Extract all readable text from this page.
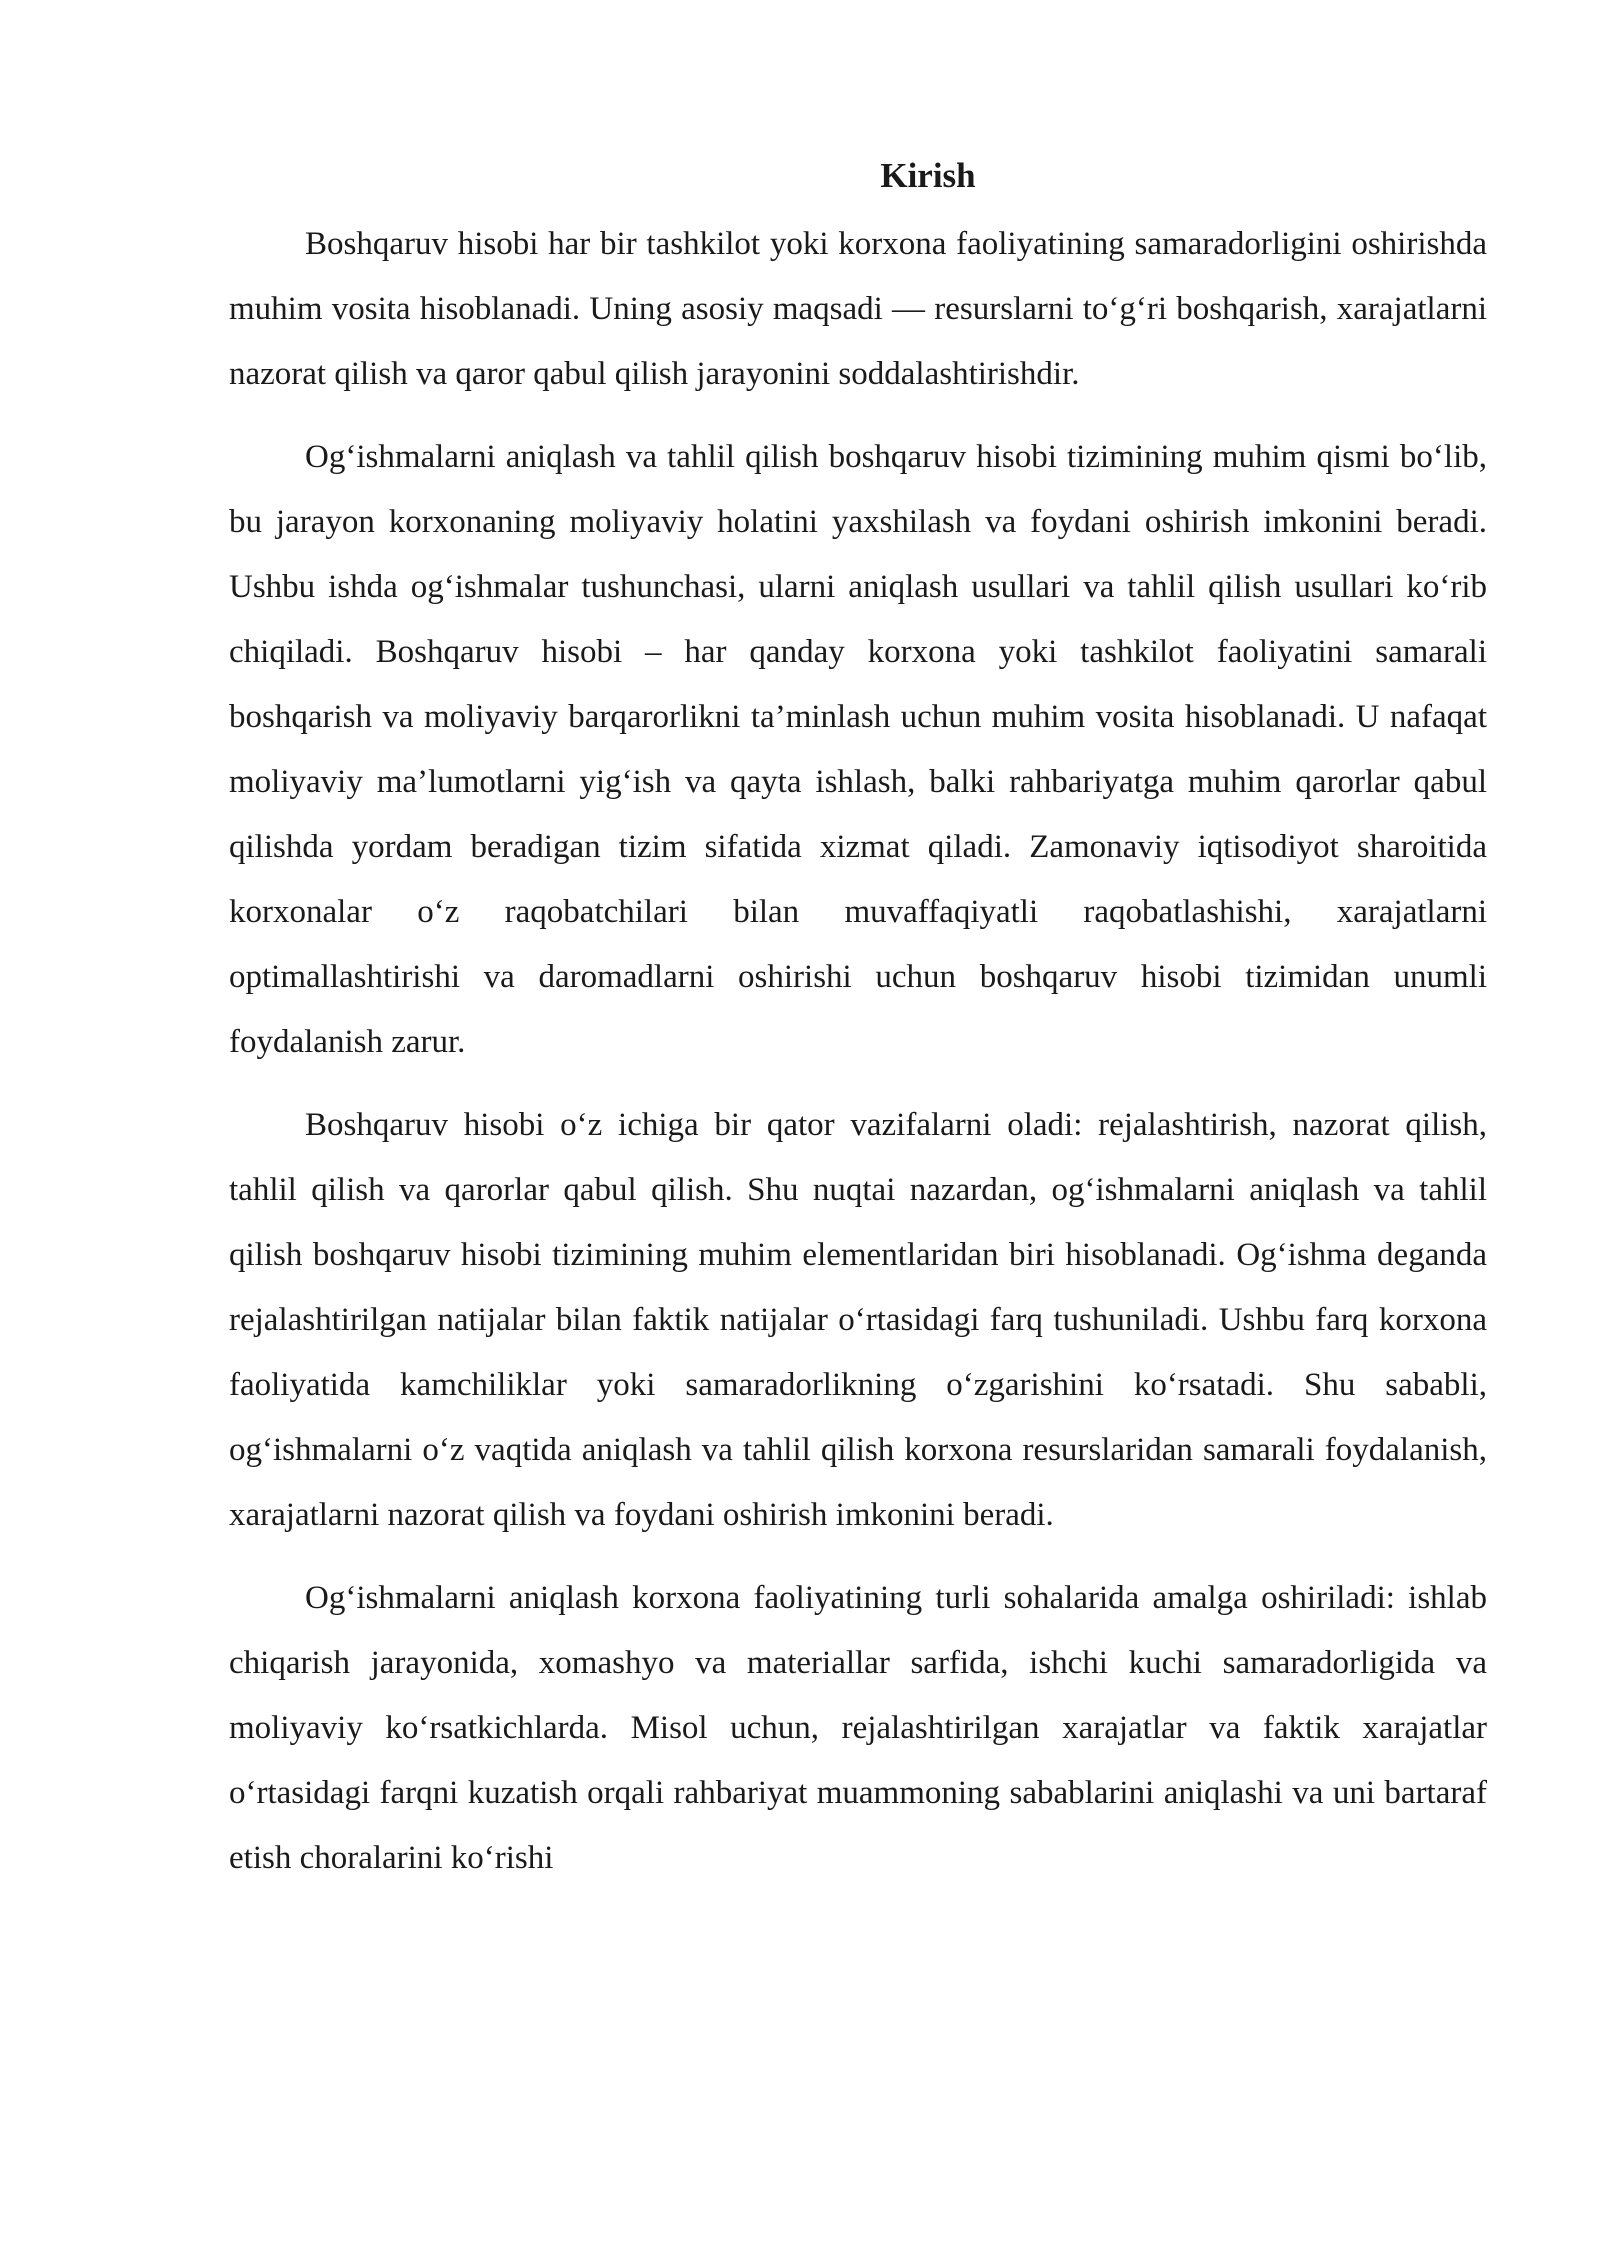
Kirish

Boshqaruv hisobi har bir tashkilot yoki korxona faoliyatining samaradorligini oshirishda muhim vosita hisoblanadi. Uning asosiy maqsadi — resurslarni to‘g‘ri boshqarish, xarajatlarni nazorat qilish va qaror qabul qilish jarayonini soddalashtirishdir.

Og‘ishmalarni aniqlash va tahlil qilish boshqaruv hisobi tizimining muhim qismi bo‘lib, bu jarayon korxonaning moliyaviy holatini yaxshilash va foydani oshirish imkonini beradi. Ushbu ishda og‘ishmalar tushunchasi, ularni aniqlash usullari va tahlil qilish usullari ko‘rib chiqiladi. Boshqaruv hisobi – har qanday korxona yoki tashkilot faoliyatini samarali boshqarish va moliyaviy barqarorlikni ta’minlash uchun muhim vosita hisoblanadi. U nafaqat moliyaviy ma’lumotlarni yig‘ish va qayta ishlash, balki rahbariyatga muhim qarorlar qabul qilishda yordam beradigan tizim sifatida xizmat qiladi. Zamonaviy iqtisodiyot sharoitida korxonalar o‘z raqobatchilari bilan muvaffaqiyatli raqobatlashishi, xarajatlarni optimallashtirishi va daromadlarni oshirishi uchun boshqaruv hisobi tizimidan unumli foydalanish zarur.

Boshqaruv hisobi o‘z ichiga bir qator vazifalarni oladi: rejalashtirish, nazorat qilish, tahlil qilish va qarorlar qabul qilish. Shu nuqtai nazardan, og‘ishmalarni aniqlash va tahlil qilish boshqaruv hisobi tizimining muhim elementlaridan biri hisoblanadi. Og‘ishma deganda rejalashtirilgan natijalar bilan faktik natijalar o‘rtasidagi farq tushuniladi. Ushbu farq korxona faoliyatida kamchiliklar yoki samaradorlikning o‘zgarishini ko‘rsatadi. Shu sababli, og‘ishmalarni o‘z vaqtida aniqlash va tahlil qilish korxona resurslaridan samarali foydalanish, xarajatlarni nazorat qilish va foydani oshirish imkonini beradi.

Og‘ishmalarni aniqlash korxona faoliyatining turli sohalarida amalga oshiriladi: ishlab chiqarish jarayonida, xomashyo va materiallar sarfida, ishchi kuchi samaradorligida va moliyaviy ko‘rsatkichlarda. Misol uchun, rejalashtirilgan xarajatlar va faktik xarajatlar o‘rtasidagi farqni kuzatish orqali rahbariyat muammoning sabablarini aniqlashi va uni bartaraf etish choralarini ko‘rishi
